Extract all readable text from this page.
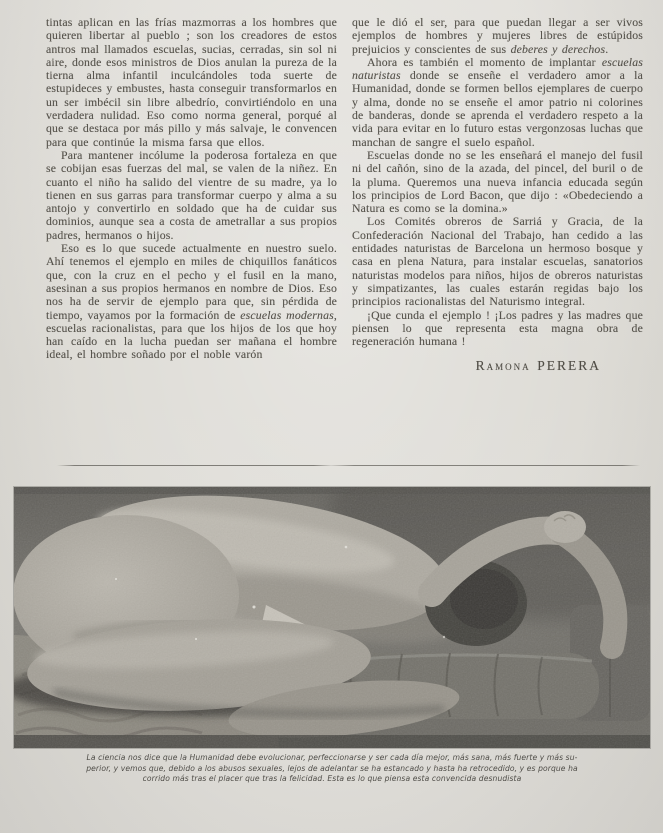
tintas aplican en las frías mazmorras a los hombres que quieren libertar al pueblo ; son los creadores de estos antros mal llamados escuelas, sucias, cerradas, sin sol ni aire, donde esos ministros de Dios anulan la pureza de la tierna alma infantil inculcándoles toda suerte de estupideces y embustes, hasta conseguir transformarlos en un ser imbécil sin libre albedrío, convirtiéndolo en una verdadera nulidad. Eso como norma general, porqué al que se destaca por más pillo y más salvaje, le convencen para que continúe la misma farsa que ellos.

Para mantener incólume la poderosa fortaleza en que se cobijan esas fuerzas del mal, se valen de la niñez. En cuanto el niño ha salido del vientre de su madre, ya lo tienen en sus garras para transformar cuerpo y alma a su antojo y convertirlo en soldado que ha de cuidar sus dominios, aunque sea a costa de ametrallar a sus propios padres, hermanos o hijos.

Eso es lo que sucede actualmente en nuestro suelo. Ahí tenemos el ejemplo en miles de chiquillos fanáticos que, con la cruz en el pecho y el fusil en la mano, asesinan a sus propios hermanos en nombre de Dios. Eso nos ha de servir de ejemplo para que, sin pérdida de tiempo, vayamos por la formación de escuelas modernas, escuelas racionalistas, para que los hijos de los que hoy han caído en la lucha puedan ser mañana el hombre ideal, el hombre soñado por el noble varón

que le dió el ser, para que puedan llegar a ser vivos ejemplos de hombres y mujeres libres de estúpidos prejuicios y conscientes de sus deberes y derechos.

Ahora es también el momento de implantar escuelas naturistas donde se enseñe el verdadero amor a la Humanidad, donde se formen bellos ejemplares de cuerpo y alma, donde no se enseñe el amor patrio ni colorines de banderas, donde se aprenda el verdadero respeto a la vida para evitar en lo futuro estas vergonzosas luchas que manchan de sangre el suelo español.

Escuelas donde no se les enseñará el manejo del fusil ni del cañón, sino de la azada, del pincel, del buril o de la pluma. Queremos una nueva infancia educada según los principios de Lord Bacon, que dijo : «Obedeciendo a Natura es como se la domina.»

Los Comités obreros de Sarriá y Gracia, de la Confederación Nacional del Trabajo, han cedido a las entidades naturistas de Barcelona un hermoso bosque y casa en plena Natura, para instalar escuelas, sanatorios naturistas modelos para niños, hijos de obreros naturistas y simpatizantes, las cuales estarán regidas bajo los principios racionalistas del Naturismo integral.

¡Que cunda el ejemplo ! ¡Los padres y las madres que piensen lo que representa esta magna obra de regeneración humana !

Ramona PERERA
La ciencia nos dice que la Humanidad debe evolucionar, perfeccionarse y ser cada día mejor, más sana, más fuerte y más su-
perior, y vemos que, debido a los abusos sexuales, lejos de adelantar se ha estancado y hasta ha retrocedido, y es porque ha
corrido más tras el placer que tras la felicidad. Esta es lo que piensa esta convencida desnudista
